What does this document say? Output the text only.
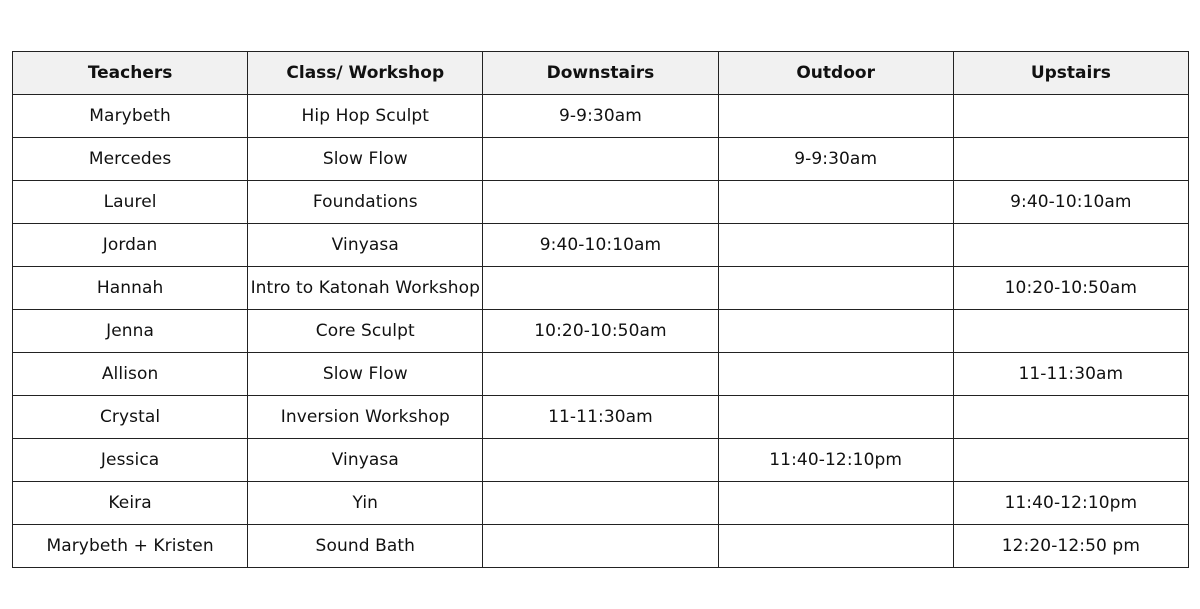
Teachers	Class/ Workshop	Downstairs	Outdoor	Upstairs
Marybeth	Hip Hop Sculpt	9-9:30am		
Mercedes	Slow Flow		9-9:30am	
Laurel	Foundations			9:40-10:10am
Jordan	Vinyasa	9:40-10:10am		
Hannah	Intro to Katonah Workshop			10:20-10:50am
Jenna	Core Sculpt	10:20-10:50am		
Allison	Slow Flow			11-11:30am
Crystal	Inversion Workshop	11-11:30am		
Jessica	Vinyasa		11:40-12:10pm	
Keira	Yin			11:40-12:10pm
Marybeth + Kristen	Sound Bath			12:20-12:50 pm
